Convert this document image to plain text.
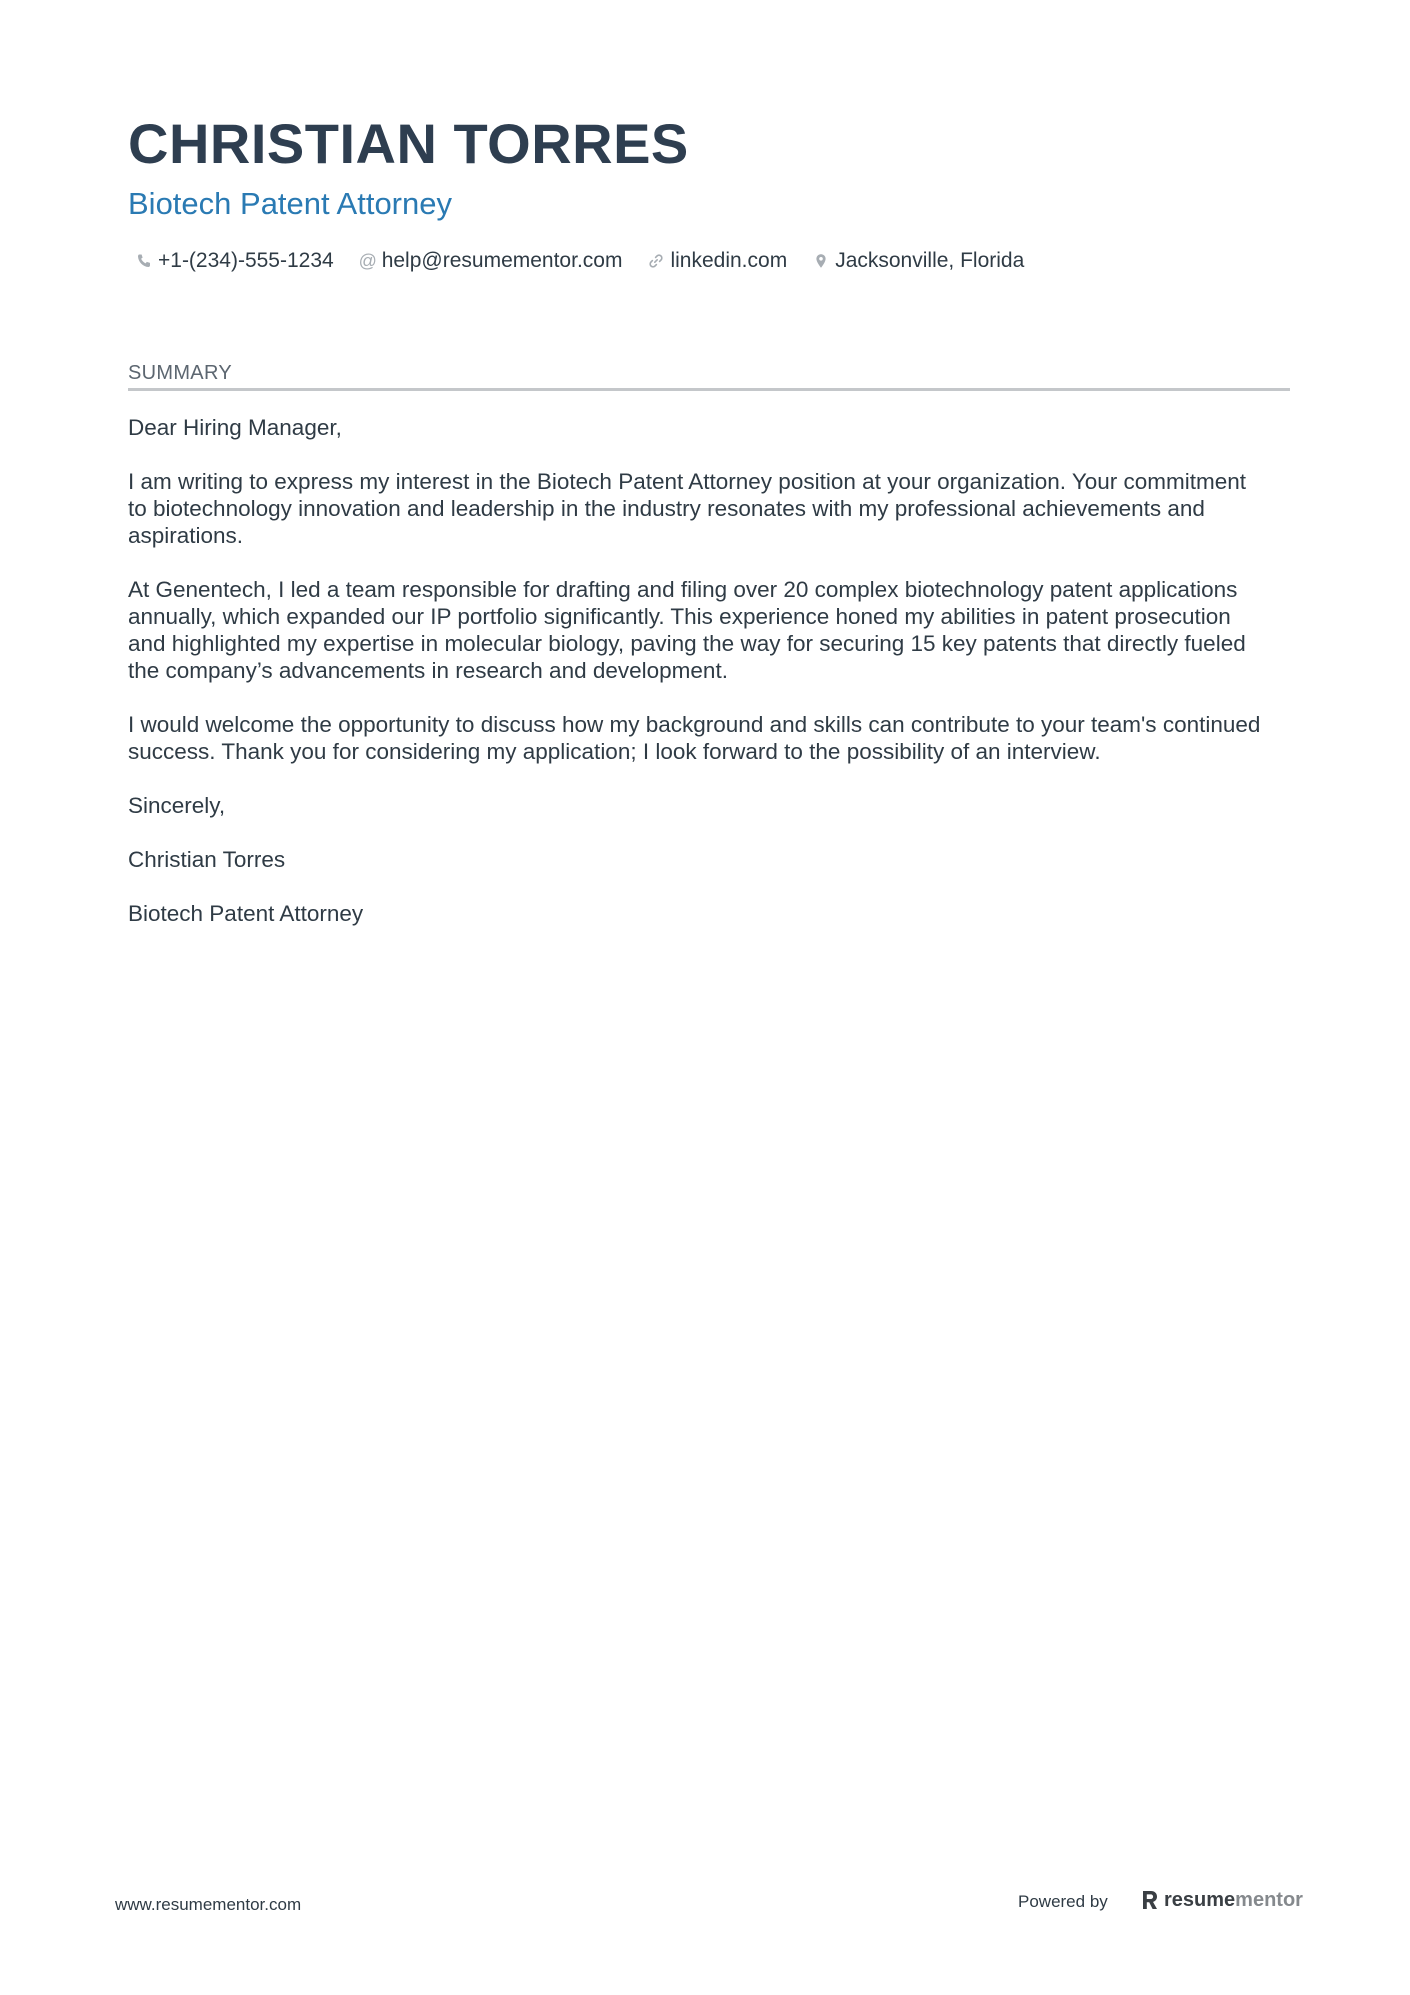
CHRISTIAN TORRES
Biotech Patent Attorney
+1-(234)-555-1234 @ help@resumementor.com linkedin.com Jacksonville, Florida
SUMMARY

Dear Hiring Manager,

I am writing to express my interest in the Biotech Patent Attorney position at your organization. Your commitment to biotechnology innovation and leadership in the industry resonates with my professional achievements and aspirations.

At Genentech, I led a team responsible for drafting and filing over 20 complex biotechnology patent applications annually, which expanded our IP portfolio significantly. This experience honed my abilities in patent prosecution and highlighted my expertise in molecular biology, paving the way for securing 15 key patents that directly fueled the company’s advancements in research and development.

I would welcome the opportunity to discuss how my background and skills can contribute to your team's continued success. Thank you for considering my application; I look forward to the possibility of an interview.

Sincerely,

Christian Torres

Biotech Patent Attorney

www.resumementor.com	Powered by	resume mentor
